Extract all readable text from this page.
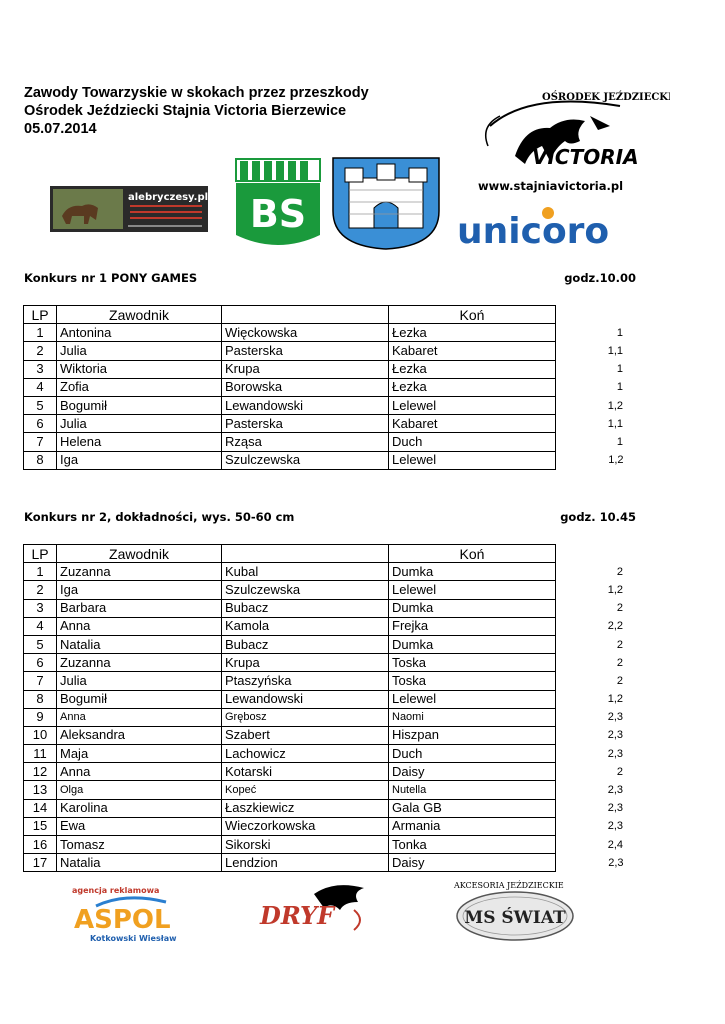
Zawody Towarzyskie w skokach przez przeszkody
Ośrodek Jeździecki Stajnia Victoria Bierzewice
05.07.2014
OŚRODEK JEŹDZIECKI
VICTORIA
www.stajniavictoria.pl
alebryczesy.pl BS	unicoro
Konkurs nr 1 PONY GAMES	godz.10.00
LP	Zawodnik		Koń	
1	Antonina	Więckowska	Łezka	1
2	Julia	Pasterska	Kabaret	1,1
3	Wiktoria	Krupa	Łezka	1
4	Zofia	Borowska	Łezka	1
5	Bogumił	Lewandowski	Lelewel	1,2
6	Julia	Pasterska	Kabaret	1,1
7	Helena	Rząsa	Duch	1
8	Iga	Szulczewska	Lelewel	1,2
Konkurs nr 2, dokładności, wys. 50-60 cm	godz. 10.45
LP	Zawodnik		Koń	
1	Zuzanna	Kubal	Dumka	2
2	Iga	Szulczewska	Lelewel	1,2
3	Barbara	Bubacz	Dumka	2
4	Anna	Kamola	Frejka	2,2
5	Natalia	Bubacz	Dumka	2
6	Zuzanna	Krupa	Toska	2
7	Julia	Ptaszyńska	Toska	2
8	Bogumił	Lewandowski	Lelewel	1,2
9	Anna	Grębosz	Naomi	2,3
10	Aleksandra	Szabert	Hiszpan	2,3
11	Maja	Lachowicz	Duch	2,3
12	Anna	Kotarski	Daisy	2
13	Olga	Kopeć	Nutella	2,3
14	Karolina	Łaszkiewicz	Gala GB	2,3
15	Ewa	Wieczorkowska	Armania	2,3
16	Tomasz	Sikorski	Tonka	2,4
17	Natalia	Lendzion	Daisy	2,3
agencja reklamowa
ASPOL
Kotkowski Wiesław
DRYF
AKCESORIA JEŹDZIECKIE
MS ŚWIAT
